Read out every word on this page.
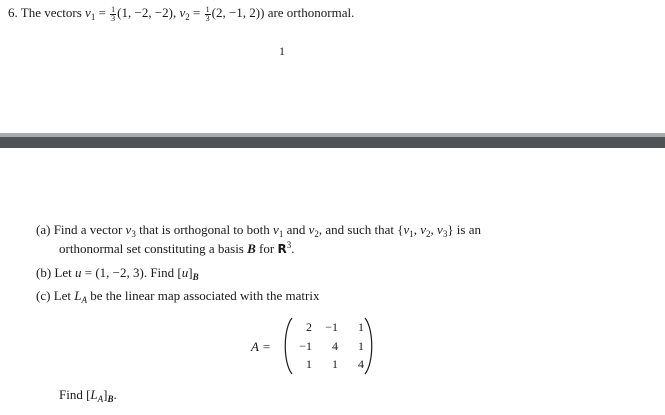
6. The vectors $v_1 = \frac{1}{3} (1$, −2, −2), $v_2 = \frac{1}{3} (2$, −1, 2)) are orthonormal.
1
(a) Find a vector $v_3$ that is orthogonal to both $v_1$ and $v_2$, and such that {$v_1$, $v_2$, $v_3$} is an
orthonormal set constituting a basis B for $R^3$.
(b) Let u = (1, −2, 3). Find $[u]_B$
(c) Let $L_A$ be the linear map associated with the matrix
A =
2	−1	1
−1	4	1
1	1	4
Find $[L_A]_B$.
